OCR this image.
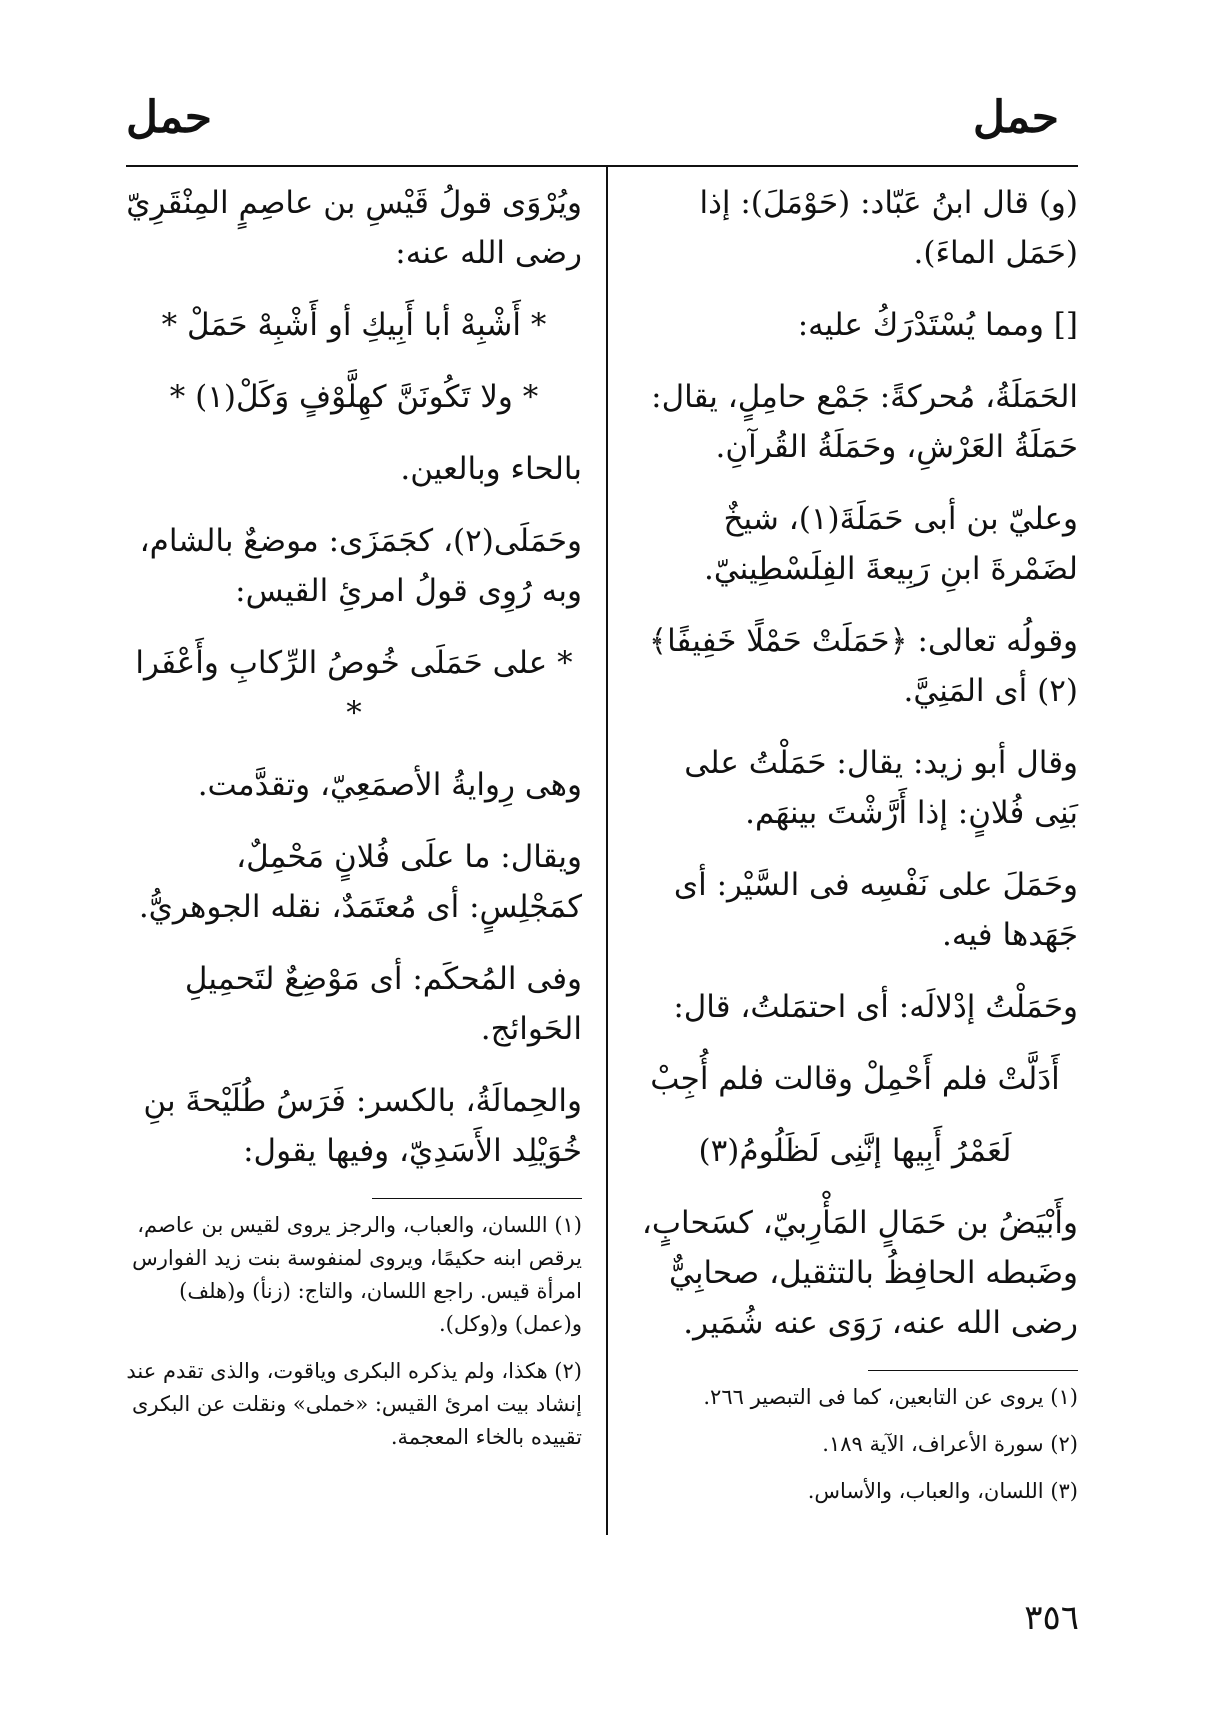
حمل
حمل

(و) قال ابنُ عَبّاد: (حَوْمَلَ): إذا (حَمَل الماءَ).

[] ومما يُسْتَدْرَكُ عليه:

الحَمَلَةُ، مُحركةً: جَمْع حامِلٍ، يقال: حَمَلَةُ العَرْشِ، وحَمَلَةُ القُرآنِ.

وعليّ بن أبى حَمَلَةَ(١)، شيخٌ لضَمْرةَ ابنِ رَبِيعةَ الفِلَسْطِينيّ.

وقولُه تعالى: ﴿حَمَلَتْ حَمْلًا خَفِيفًا﴾(٢) أى المَنِيَّ.

وقال أبو زيد: يقال: حَمَلْتُ على بَنِى فُلانٍ: إذا أَرَّشْتَ بينهَم.

وحَمَلَ على نَفْسِه فى السَّيْر: أى جَهَدها فيه.

وحَمَلْتُ إدْلالَه: أى احتمَلتُ، قال:

أَدَلَّتْ فلم أَحْمِلْ وقالت فلم أُجِبْ
لَعَمْرُ أَبِيها إنَّنِى لَظَلُومُ(٣)

وأَبْيَضُ بن حَمَالٍ المَأْرِبيّ، كسَحابٍ، وضَبطه الحافِظُ بالتثقيل، صحابِيٌّ رضى الله عنه، رَوَى عنه شُمَير.

(١) يروى عن التابعين، كما فى التبصير ٢٦٦.
(٢) سورة الأعراف، الآية ١٨٩.
(٣) اللسان، والعباب، والأساس.

ويُرْوَى قولُ قَيْسِ بن عاصِمٍ المِنْقَرِيّ رضى الله عنه:

* أَشْبِهْ أبا أَبِيكِ أو أَشْبِهْ حَمَلْ *
* ولا تَكُونَنَّ كهِلَّوْفٍ وَكَلْ(١) *

بالحاء وبالعين.

وحَمَلَى(٢)، كجَمَزَى: موضعٌ بالشام، وبه رُوِى قولُ امرئِ القيس:

* على حَمَلَى خُوصُ الرِّكابِ وأَعْفَرا *

وهى رِوايةُ الأصمَعِيّ، وتقدَّمت.

ويقال: ما علَى فُلانٍ مَحْمِلٌ، كمَجْلِسٍ: أى مُعتَمَدٌ، نقله الجوهريُّ.

وفى المُحكَم: أى مَوْضِعٌ لتَحمِيلِ الحَوائج.

والحِمالَةُ، بالكسر: فَرَسُ طُلَيْحةَ بنِ خُوَيْلِد الأَسَدِيّ، وفيها يقول:

(١) اللسان، والعباب، والرجز يروى لقيس بن عاصم، يرقص ابنه حكيمًا، ويروى لمنفوسة بنت زيد الفوارس امرأة قيس. راجع اللسان، والتاج: (زنأ) و(هلف) و(عمل) و(وكل).
(٢) هكذا، ولم يذكره البكرى وياقوت، والذى تقدم عند إنشاد بيت امرئ القيس: «خملى» ونقلت عن البكرى تقييده بالخاء المعجمة.
٣٥٦
